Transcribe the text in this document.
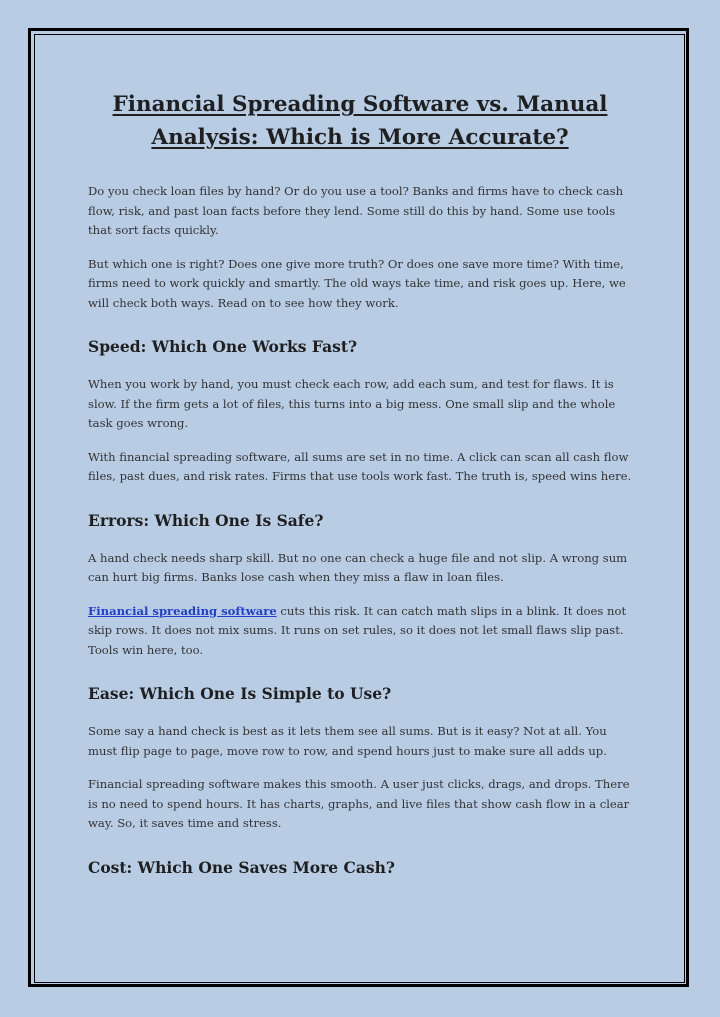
Financial Spreading Software vs. Manual Analysis: Which is More Accurate?

Do you check loan files by hand? Or do you use a tool? Banks and firms have to check cash flow, risk, and past loan facts before they lend. Some still do this by hand. Some use tools that sort facts quickly.

But which one is right? Does one give more truth? Or does one save more time? With time, firms need to work quickly and smartly. The old ways take time, and risk goes up. Here, we will check both ways. Read on to see how they work.

Speed: Which One Works Fast?

When you work by hand, you must check each row, add each sum, and test for flaws. It is slow. If the firm gets a lot of files, this turns into a big mess. One small slip and the whole task goes wrong.

With financial spreading software, all sums are set in no time. A click can scan all cash flow files, past dues, and risk rates. Firms that use tools work fast. The truth is, speed wins here.

Errors: Which One Is Safe?

A hand check needs sharp skill. But no one can check a huge file and not slip. A wrong sum can hurt big firms. Banks lose cash when they miss a flaw in loan files.

Financial spreading software cuts this risk. It can catch math slips in a blink. It does not skip rows. It does not mix sums. It runs on set rules, so it does not let small flaws slip past. Tools win here, too.

Ease: Which One Is Simple to Use?

Some say a hand check is best as it lets them see all sums. But is it easy? Not at all. You must flip page to page, move row to row, and spend hours just to make sure all adds up.

Financial spreading software makes this smooth. A user just clicks, drags, and drops. There is no need to spend hours. It has charts, graphs, and live files that show cash flow in a clear way. So, it saves time and stress.

Cost: Which One Saves More Cash?
